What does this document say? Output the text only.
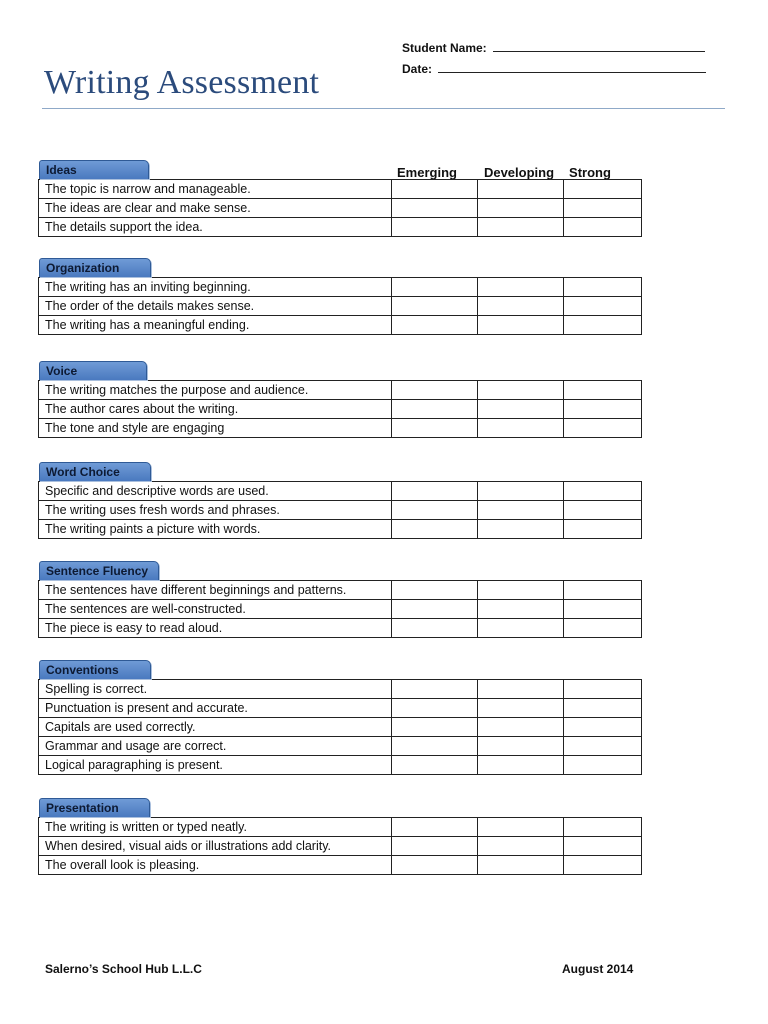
Student Name:
Date:
Writing Assessment
Emerging	Developing	Strong
Ideas
The topic is narrow and manageable.			
The ideas are clear and make sense.			
The details support the idea.			
Organization
The writing has an inviting beginning.			
The order of the details makes sense.			
The writing has a meaningful ending.			
Voice
The writing matches the purpose and audience.			
The author cares about the writing.			
The tone and style are engaging			
Word Choice
Specific and descriptive words are used.			
The writing uses fresh words and phrases.			
The writing paints a picture with words.			
Sentence Fluency
The sentences have different beginnings and patterns.			
The sentences are well-constructed.			
The piece is easy to read aloud.			
Conventions
Spelling is correct.			
Punctuation is present and accurate.			
Capitals are used correctly.			
Grammar and usage are correct.			
Logical paragraphing is present.			
Presentation
The writing is written or typed neatly.			
When desired, visual aids or illustrations add clarity.			
The overall look is pleasing.			
Salerno’s School Hub L.L.C	August 2014
